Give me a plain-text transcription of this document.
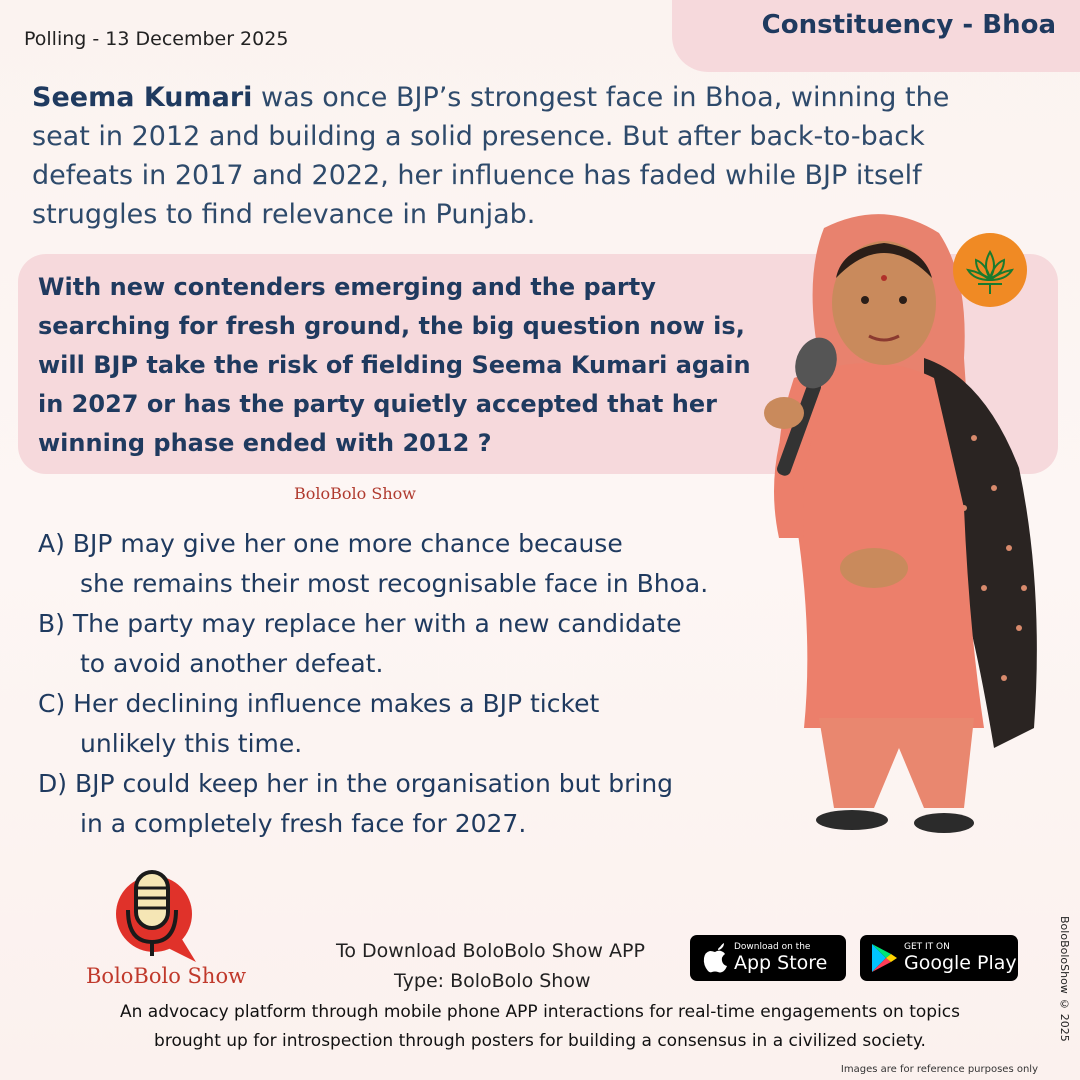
Polling - 13 December 2025	Constituency - Bhoa
Seema Kumari was once BJP’s strongest face in Bhoa, winning the seat in 2012 and building a solid presence. But after back-to-back defeats in 2017 and 2022, her influence has faded while BJP itself struggles to find relevance in Punjab.
With new contenders emerging and the party searching for fresh ground, the big question now is, will BJP take the risk of fielding Seema Kumari again in 2027 or has the party quietly accepted that her winning phase ended with 2012 ?
BoloBolo Show
A) BJP may give her one more chance because
she remains their most recognisable face in Bhoa.
B) The party may replace her with a new candidate
to avoid another defeat.
C) Her declining influence makes a BJP ticket
unlikely this time.
D) BJP could keep her in the organisation but bring
in a completely fresh face for 2027.
BoloBolo Show
To Download BoloBolo Show APP
Type: BoloBolo Show
Download on the
App Store
GET IT ON
Google Play
An advocacy platform through mobile phone APP interactions for real-time engagements on topics
brought up for introspection through posters for building a consensus in a civilized society.	BoloBoloShow © 2025
Images are for reference purposes only
